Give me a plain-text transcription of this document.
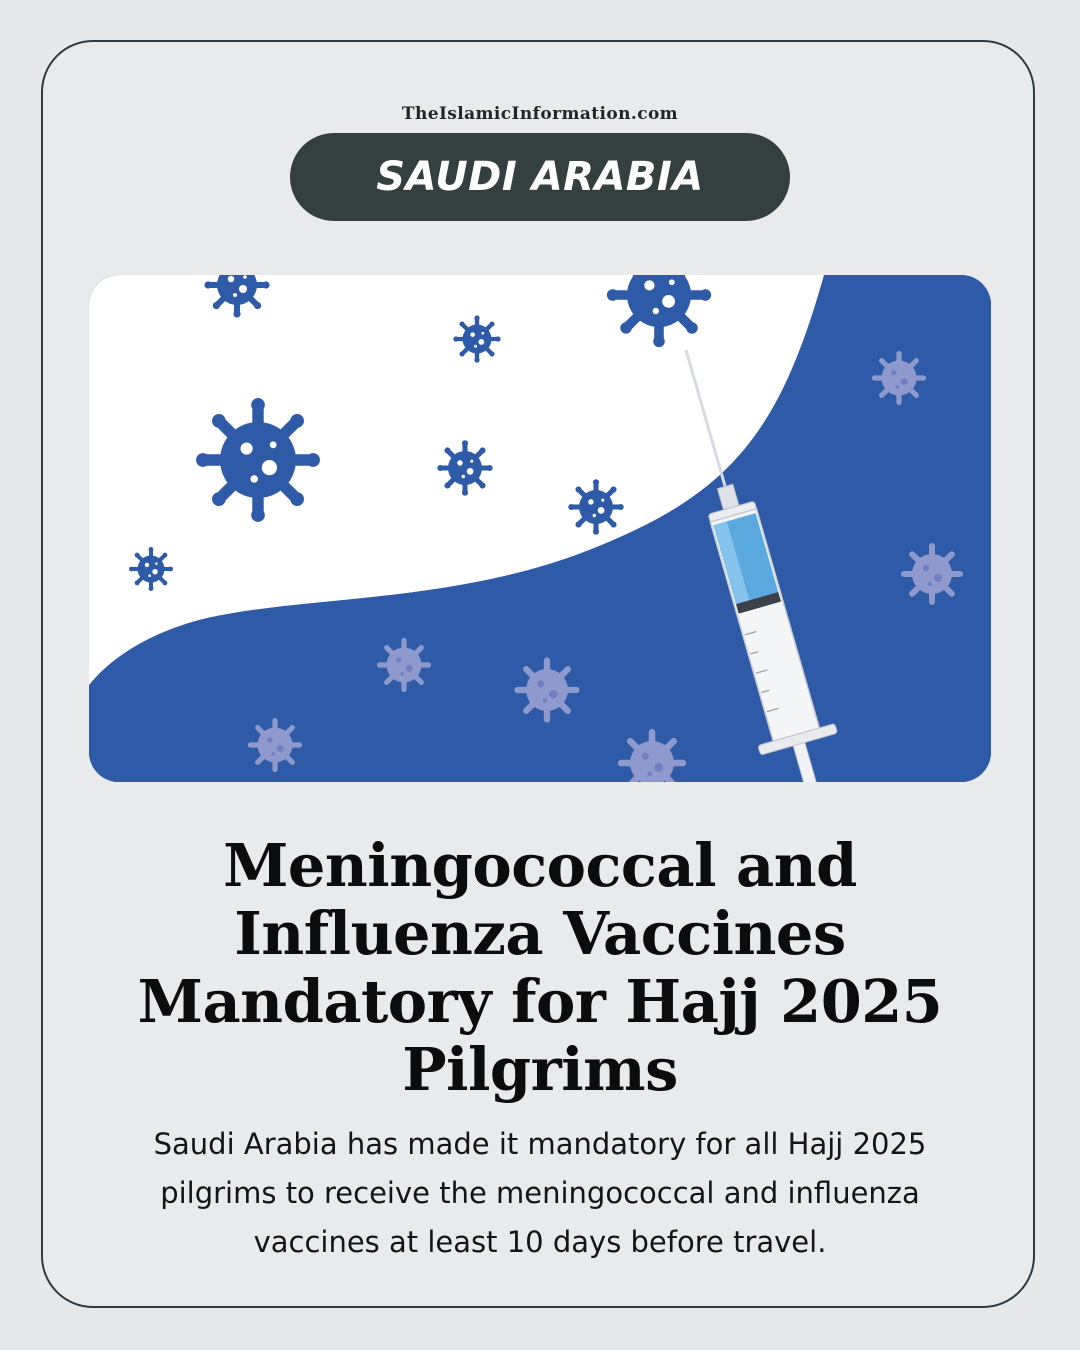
TheIslamicInformation.com
SAUDI ARABIA
Meningococcal and Influenza Vaccines Mandatory for Hajj 2025 Pilgrims
Saudi Arabia has made it mandatory for all Hajj 2025 pilgrims to receive the meningococcal and influenza vaccines at least 10 days before travel.
